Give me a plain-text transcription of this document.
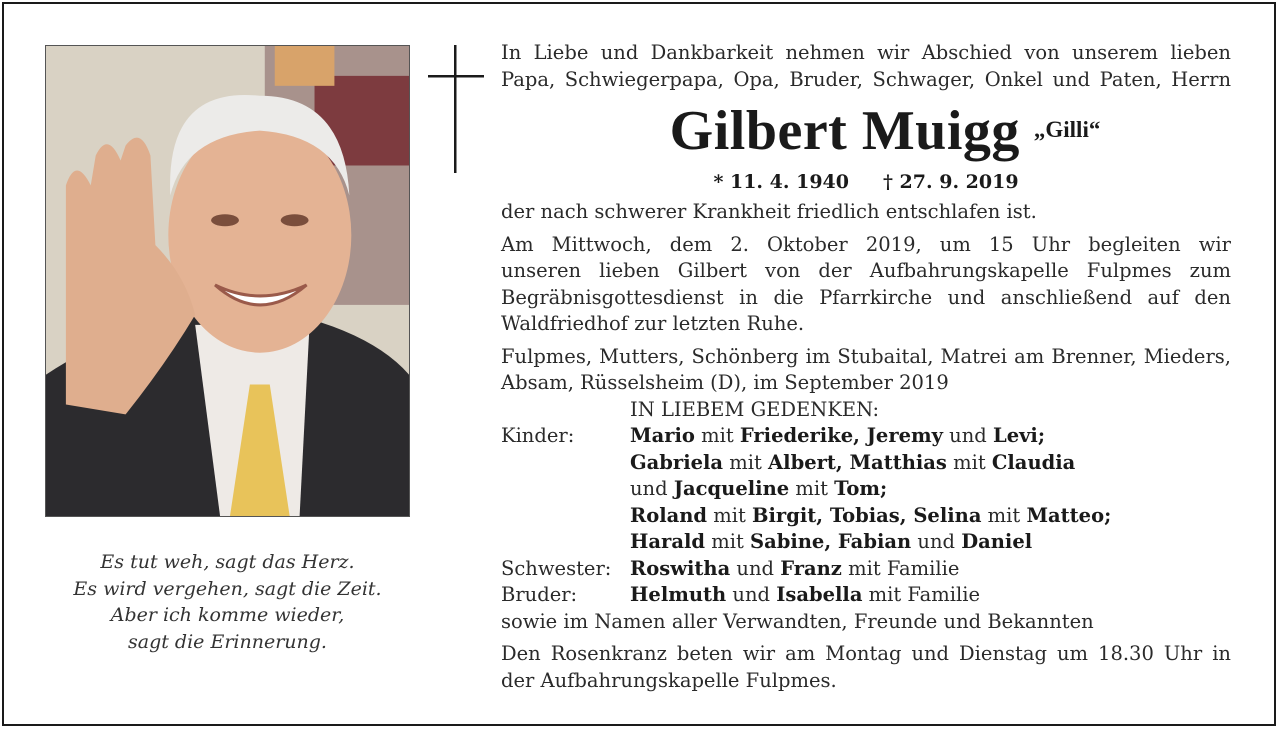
Es tut weh, sagt das Herz.
Es wird vergehen, sagt die Zeit.
Aber ich komme wieder,
sagt die Erinnerung.
In Liebe und Dankbarkeit nehmen wir Abschied von unserem lieben
Papa, Schwiegerpapa, Opa, Bruder, Schwager, Onkel und Paten, Herrn
Gilbert Muigg „Gilli“
* 11. 4. 1940 † 27. 9. 2019
der nach schwerer Krankheit friedlich entschlafen ist.
Am Mittwoch, dem 2. Oktober 2019, um 15 Uhr begleiten wir
unseren lieben Gilbert von der Aufbahrungskapelle Fulpmes zum
Begräbnisgottesdienst in die Pfarrkirche und anschließend auf den
Waldfriedhof zur letzten Ruhe.
Fulpmes, Mutters, Schönberg im Stubaital, Matrei am Brenner, Mieders,
Absam, Rüsselsheim (D), im September 2019
IN LIEBEM GEDENKEN:
Kinder:	Mario mit Friederike, Jeremy und Levi;
Gabriela mit Albert, Matthias mit Claudia
und Jacqueline mit Tom;
Roland mit Birgit, Tobias, Selina mit Matteo;
Harald mit Sabine, Fabian und Daniel
Schwester: Roswitha und Franz mit Familie
Bruder:	Helmuth und Isabella mit Familie
sowie im Namen aller Verwandten, Freunde und Bekannten
Den Rosenkranz beten wir am Montag und Dienstag um 18.30 Uhr in
der Aufbahrungskapelle Fulpmes.
